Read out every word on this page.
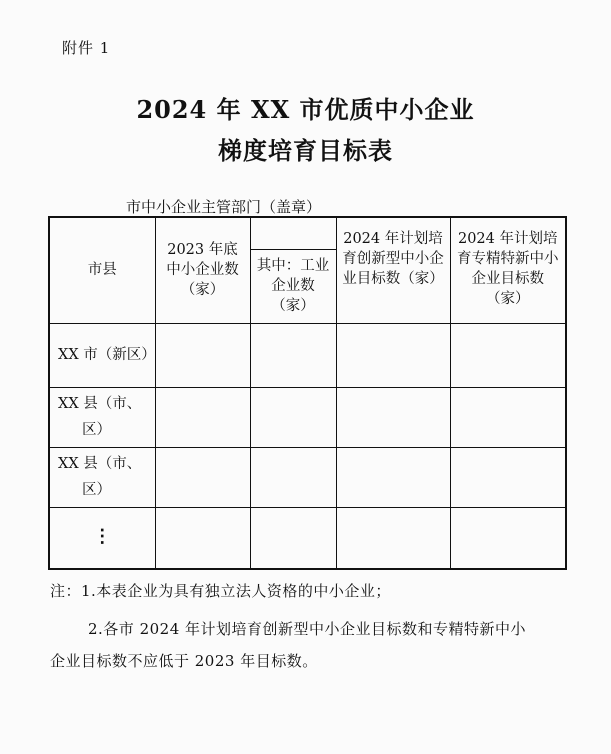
附件 1
2024 年 XX 市优质中小企业
梯度培育目标表
市中小企业主管部门（盖章）
市县	2023 年底中小企业数（家）		2024 年计划培育创新型中小企业目标数（家）	2024 年计划培育专精特新中小企业目标数（家）

		其中：工业企业数（家）		

XX 市（新区）				
XX 县（市、
区）				

XX 县（市、
区）				

⋮				
注：1.本表企业为具有独立法人资格的中小企业；
2.各市 2024 年计划培育创新型中小企业目标数和专精特新中小
企业目标数不应低于 2023 年目标数。
